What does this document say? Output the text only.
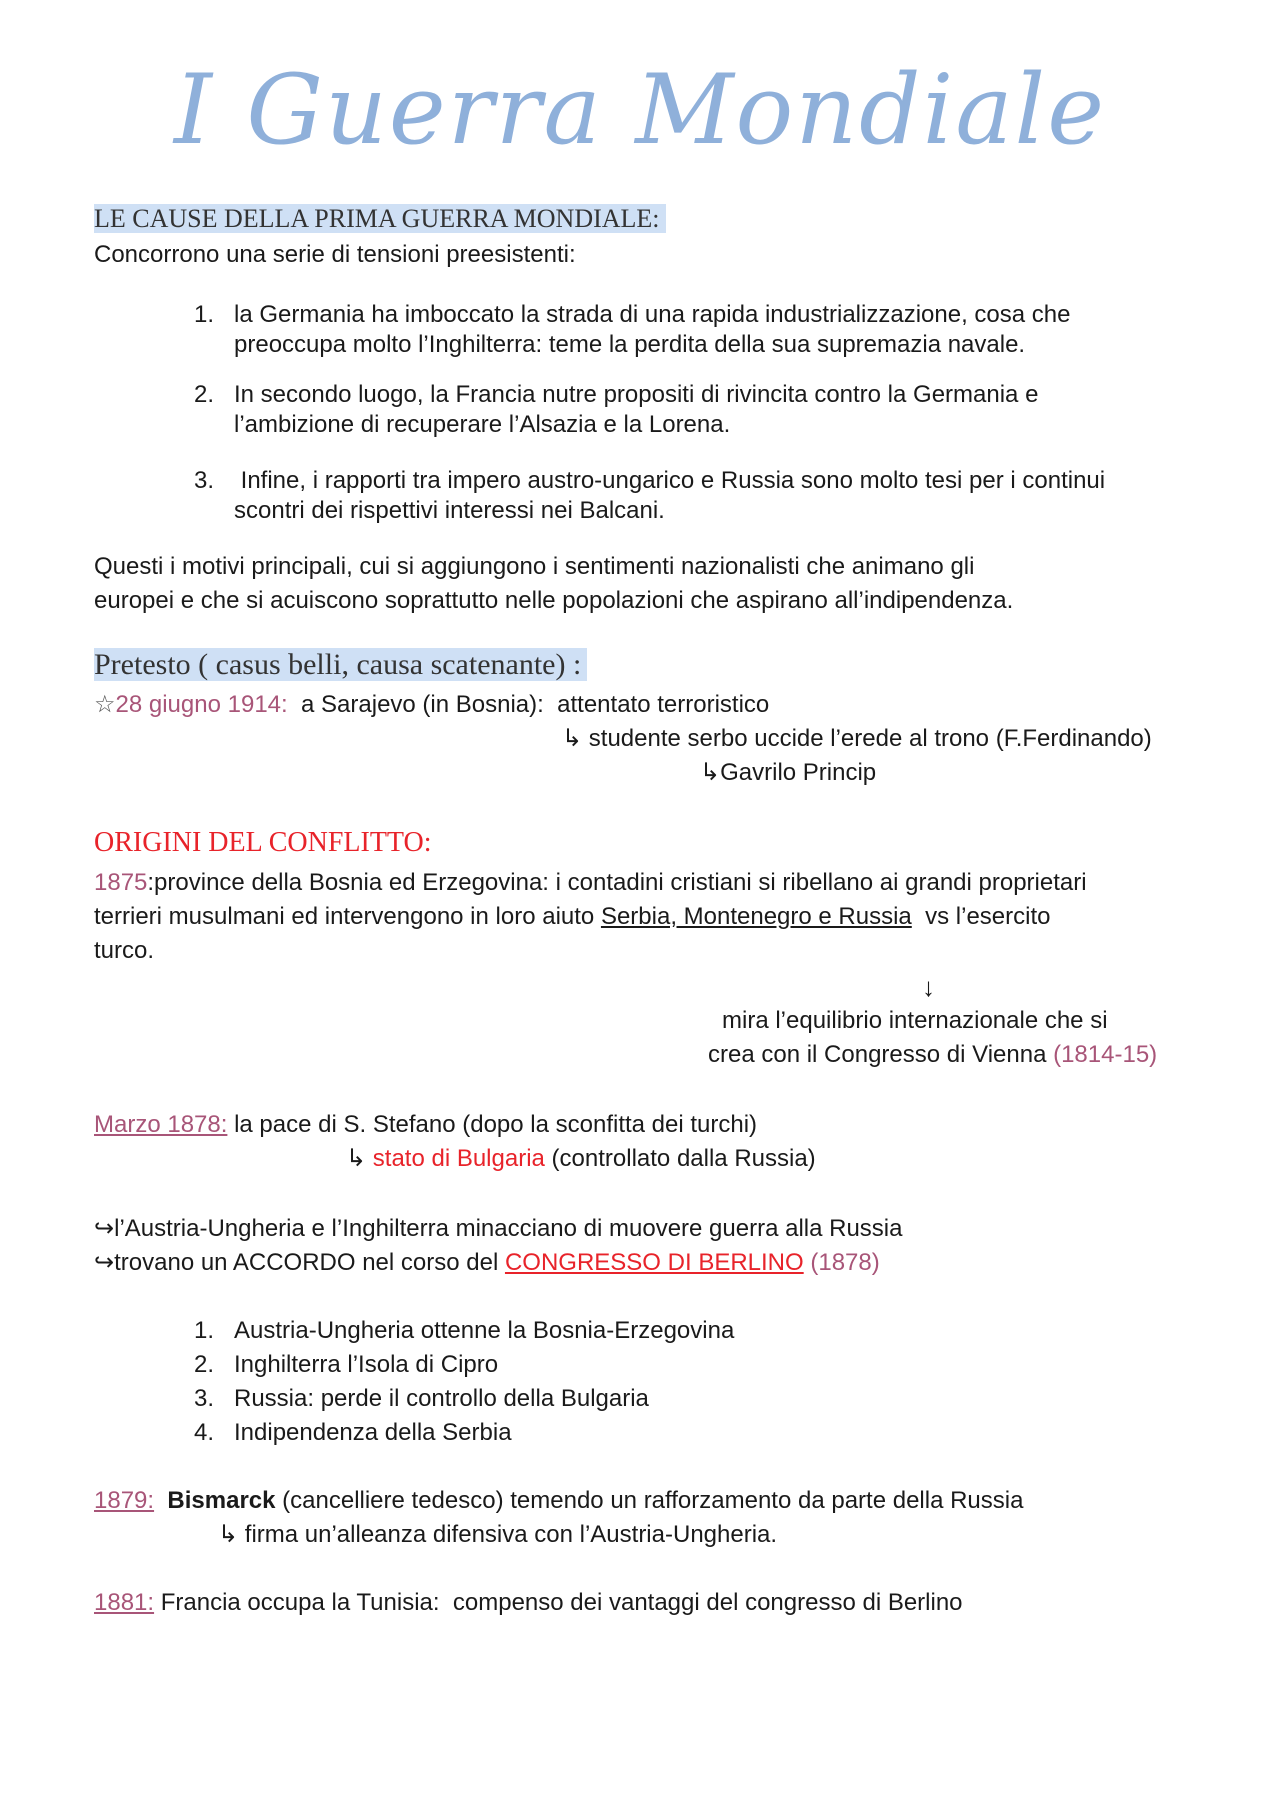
I Guerra Mondiale
LE CAUSE DELLA PRIMA GUERRA MONDIALE:
Concorrono una serie di tensioni preesistenti:
1. la Germania ha imboccato la strada di una rapida industrializzazione, cosa che
preoccupa molto l’Inghilterra: teme la perdita della sua supremazia navale.
2. In secondo luogo, la Francia nutre propositi di rivincita contro la Germania e
l’ambizione di recuperare l’Alsazia e la Lorena.
3. Infine, i rapporti tra impero austro-ungarico e Russia sono molto tesi per i continui
scontri dei rispettivi interessi nei Balcani.
Questi i motivi principali, cui si aggiungono i sentimenti nazionalisti che animano gli
europei e che si acuiscono soprattutto nelle popolazioni che aspirano all’indipendenza.
Pretesto ( casus belli, causa scatenante) :
☆28 giugno 1914:  a Sarajevo (in Bosnia):  attentato terroristico
↳ studente serbo uccide l’erede al trono (F.Ferdinando)
↳Gavrilo Princip
ORIGINI DEL CONFLITTO:
1875:province della Bosnia ed Erzegovina: i contadini cristiani si ribellano ai grandi proprietari
terrieri musulmani ed intervengono in loro aiuto Serbia, Montenegro e Russia  vs l’esercito
turco.
↓
mira l’equilibrio internazionale che si
crea con il Congresso di Vienna (1814-15)
Marzo 1878: la pace di S. Stefano (dopo la sconfitta dei turchi)
↳ stato di Bulgaria (controllato dalla Russia)
↪l’Austria-Ungheria e l’Inghilterra minacciano di muovere guerra alla Russia
↪trovano un ACCORDO nel corso del CONGRESSO DI BERLINO (1878)
1. Austria-Ungheria ottenne la Bosnia-Erzegovina
2. Inghilterra l’Isola di Cipro
3. Russia: perde il controllo della Bulgaria
4. Indipendenza della Serbia
1879: Bismarck (cancelliere tedesco) temendo un rafforzamento da parte della Russia
↳ firma un’alleanza difensiva con l’Austria-Ungheria.
1881: Francia occupa la Tunisia:  compenso dei vantaggi del congresso di Berlino
